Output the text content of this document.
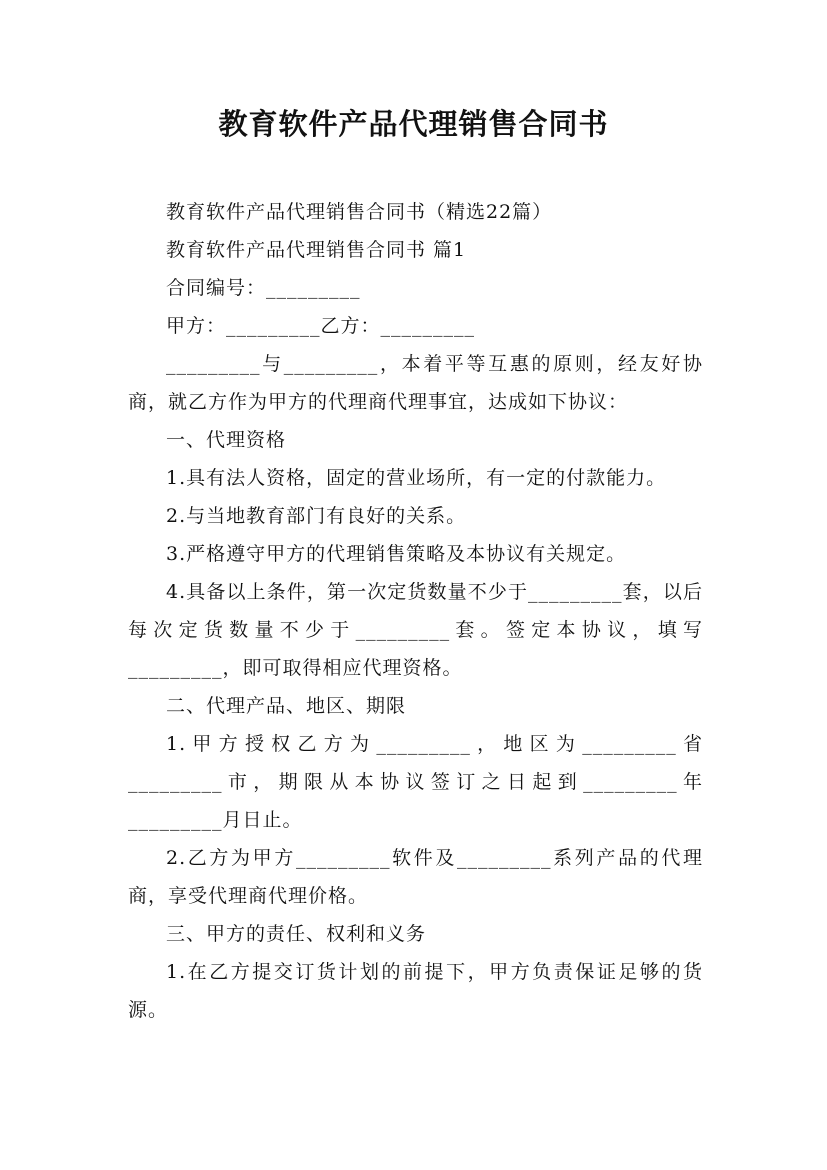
教育软件产品代理销售合同书

教育软件产品代理销售合同书（精选22篇）

教育软件产品代理销售合同书 篇1

合同编号：_________

甲方：_________乙方：_________

_________与_________，本着平等互惠的原则，经友好协商，就乙方作为甲方的代理商代理事宜，达成如下协议：

一、代理资格

1.具有法人资格，固定的营业场所，有一定的付款能力。

2.与当地教育部门有良好的关系。

3.严格遵守甲方的代理销售策略及本协议有关规定。

4.具备以上条件，第一次定货数量不少于_________套，以后每次定货数量不少于_________套。签定本协议，填写_________，即可取得相应代理资格。

二、代理产品、地区、期限

1.甲方授权乙方为_________，地区为_________省_________市，期限从本协议签订之日起到_________年_________月日止。

2.乙方为甲方_________软件及_________系列产品的代理商，享受代理商代理价格。

三、甲方的责任、权利和义务

1.在乙方提交订货计划的前提下，甲方负责保证足够的货源。
